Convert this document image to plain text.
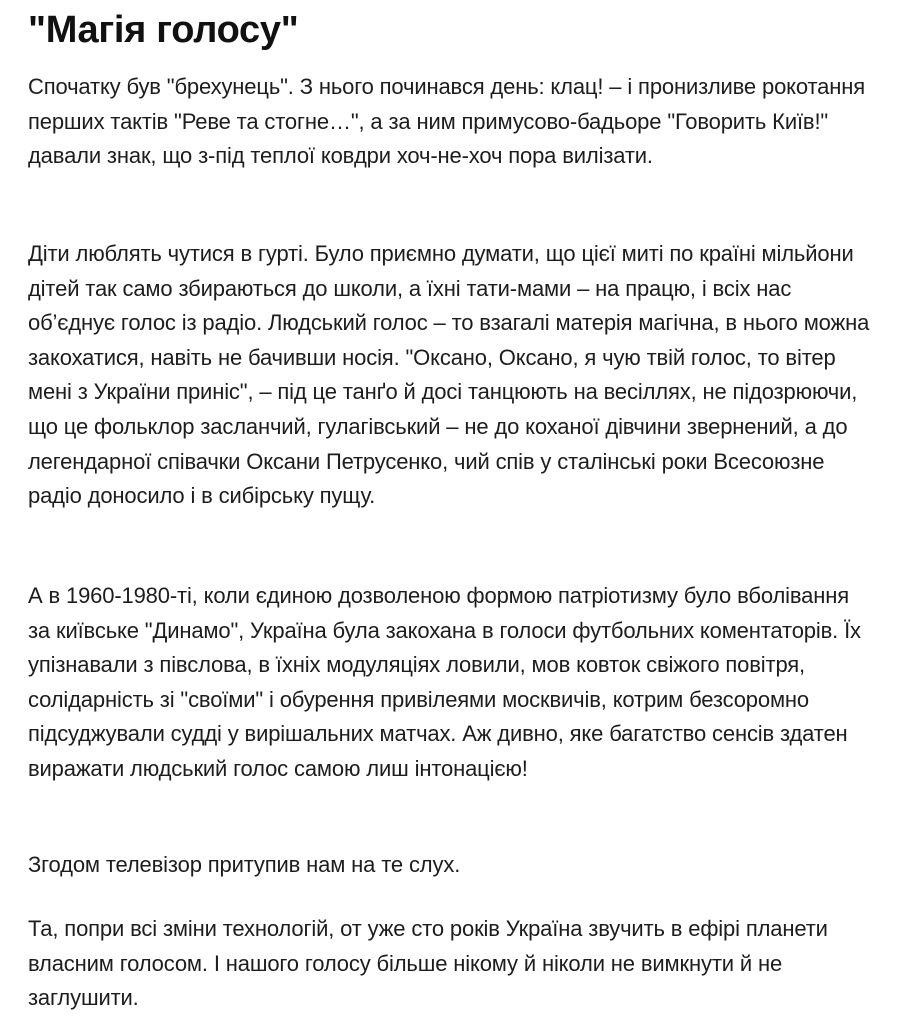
"Магія голосу"

Спочатку був "брехунець". З нього починався день: клац! – і пронизливе рокотання перших тактів "Реве та стогне…", а за ним примусово-бадьоре "Говорить Київ!" давали знак, що з-під теплої ковдри хоч-не-хоч пора вилізати.

Діти люблять чутися в гурті. Було приємно думати, що цієї миті по країні мільйони дітей так само збираються до школи, а їхні тати-мами – на працю, і всіх нас об’єднує голос із радіо. Людський голос – то взагалі матерія магічна, в нього можна закохатися, навіть не бачивши носія. "Оксано, Оксано, я чую твій голос, то вітер мені з України приніс", – під це танґо й досі танцюють на весіллях, не підозрюючи, що це фольклор засланчий, гулагівський – не до коханої дівчини звернений, а до легендарної співачки Оксани Петрусенко, чий спів у сталінські роки Всесоюзне радіо доносило і в сибірську пущу.

А в 1960-1980-ті, коли єдиною дозволеною формою патріотизму було вболівання за київське "Динамо", Україна була закохана в голоси футбольних коментаторів. Їх упізнавали з півслова, в їхніх модуляціях ловили, мов ковток свіжого повітря, солідарність зі "своїми" і обурення привілеями москвичів, котрим безсоромно підсуджували судді у вирішальних матчах. Аж дивно, яке багатство сенсів здатен виражати людський голос самою лиш інтонацією!

Згодом телевізор притупив нам на те слух.

Та, попри всі зміни технологій, от уже сто років Україна звучить в ефірі планети власним голосом. І нашого голосу більше нікому й ніколи не вимкнути й не заглушити.
